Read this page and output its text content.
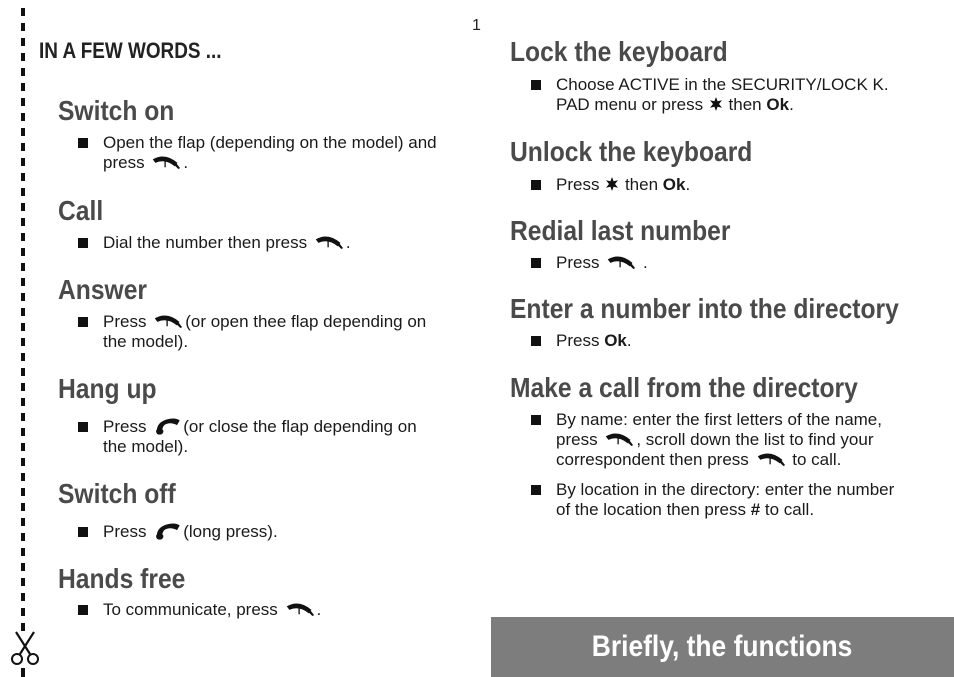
1
IN A FEW WORDS ...
Switch on
Open the flap (depending on the model) and
press .
Call
Dial the number then press .
Answer
Press (or open thee flap depending on
the model).
Hang up
Press (or close the flap depending on
the model).
Switch off
Press (long press).
Hands free
To communicate, press .
Lock the keyboard
Choose ACTIVE in the SECURITY/LOCK K.
PAD menu or press then Ok.
Unlock the keyboard
Press then Ok.
Redial last number
Press	.
Enter a number into the directory
Press Ok.
Make a call from the directory
By name: enter the first letters of the name,
press , scroll down the list to find your
correspondent then press	to call.
By location in the directory: enter the number
of the location then press # to call.
Briefly, the functions
